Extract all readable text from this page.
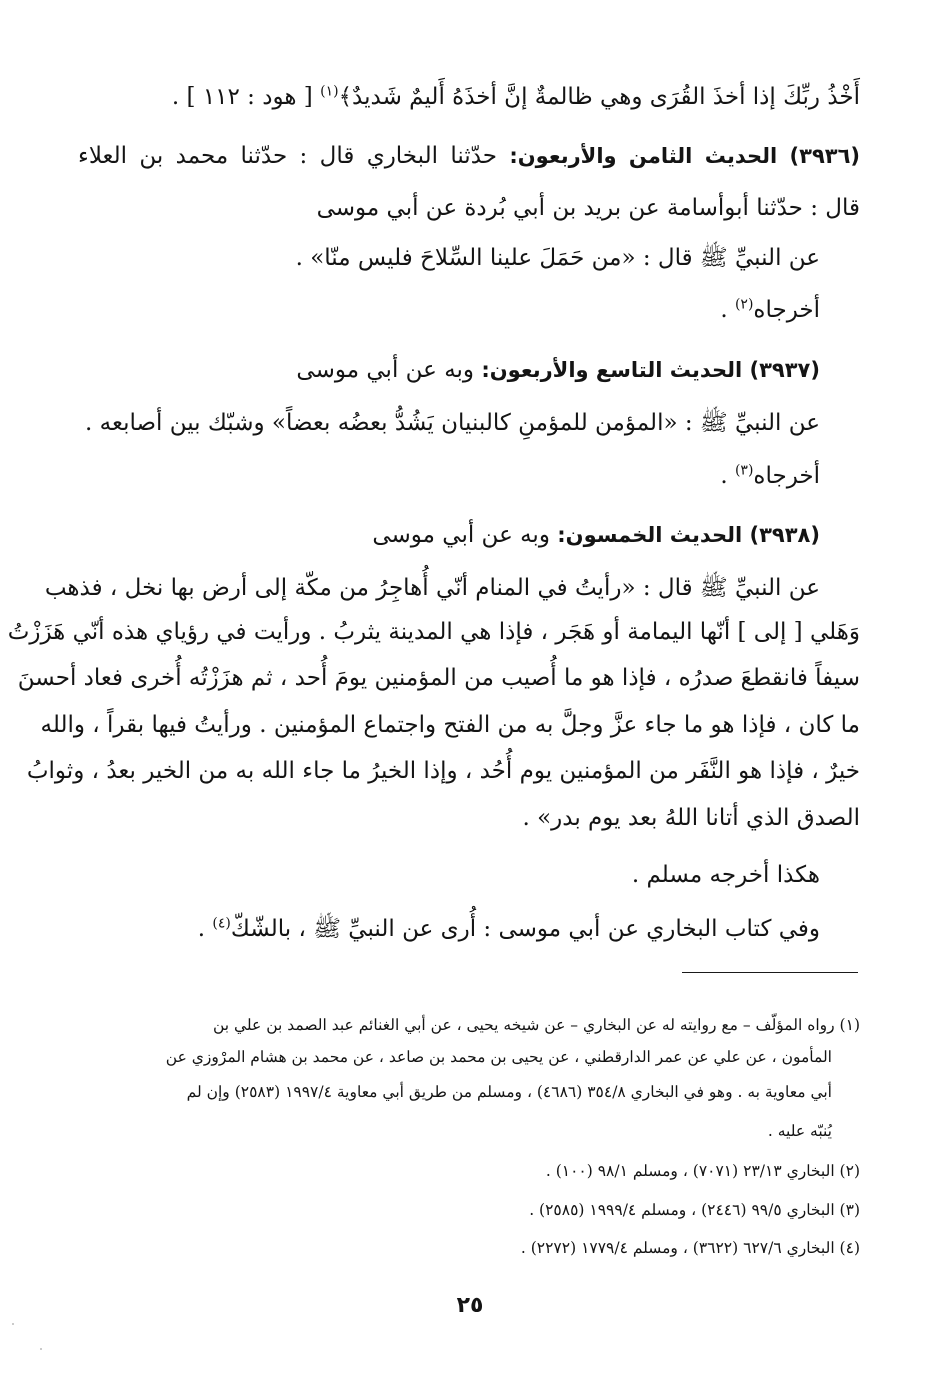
أَخْذُ ربِّكَ إذا أخذَ القُرَى وهي ظالمةٌ إنَّ أخذَهُ أَليمٌ شَديدٌ﴾$^{(١)}$ [ هود : ١١٢ ] .
(٣٩٣٦) الحديث الثامن والأربعون: حدّثنا البخاري قال : حدّثنا محمد بن العلاء
قال : حدّثنا أبوأسامة عن بريد بن أبي بُردة عن أبي موسى
عن النبيِّ ﷺ قال : «من حَمَلَ علينا السِّلاحَ فليس منّا» .
أخرجاه$^{(٢)}$ .
(٣٩٣٧) الحديث التاسع والأربعون: وبه عن أبي موسى
عن النبيِّ ﷺ : «المؤمن للمؤمنِ كالبنيان يَشُدُّ بعضُه بعضاً» وشبّك بين أصابعه .
أخرجاه$^{(٣)}$ .
(٣٩٣٨) الحديث الخمسون: وبه عن أبي موسى
عن النبيِّ ﷺ قال : «رأيتُ في المنام أنّي أُهاجِرُ من مكّة إلى أرض بها نخل ، فذهب
وَهَلي [ إلى ] أنّها اليمامة أو هَجَر ، فإذا هي المدينة يثربُ . ورأيت في رؤياي هذه أنّي هَزَزْتُ
سيفاً فانقطعَ صدرُه ، فإذا هو ما أُصيب من المؤمنين يومَ أُحد ، ثم هزَزْتُه أُخرى فعاد أحسنَ
ما كان ، فإذا هو ما جاء عزَّ وجلَّ به من الفتح واجتماع المؤمنين . ورأيتُ فيها بقراً ، والله
خيرٌ ، فإذا هو النَّفَر من المؤمنين يوم أُحُد ، وإذا الخيرُ ما جاء الله به من الخير بعدُ ، وثوابُ
الصدق الذي أتانا اللهُ بعد يوم بدر» .
هكذا أخرجه مسلم .
وفي كتاب البخاري عن أبي موسى : أُرى عن النبيِّ ﷺ ، بالشّكّ$^{(٤)}$ .
(١) رواه المؤلّف – مع روايته له عن البخاري – عن شيخه يحيى ، عن أبي الغنائم عبد الصمد بن علي بن
المأمون ، عن علي عن عمر الدارقطني ، عن يحيى بن محمد بن صاعد ، عن محمد بن هشام المرْوزي عن
أبي معاوية به . وهو في البخاري ٣٥٤/٨ (٤٦٨٦) ، ومسلم من طريق أبي معاوية ١٩٩٧/٤ (٢٥٨٣) وإن لم
يُنبّه عليه .
(٢) البخاري ٢٣/١٣ (٧٠٧١) ، ومسلم ٩٨/١ (١٠٠) .
(٣) البخاري ٩٩/٥ (٢٤٤٦) ، ومسلم ١٩٩٩/٤ (٢٥٨٥) .
(٤) البخاري ٦٢٧/٦ (٣٦٢٢) ، ومسلم ١٧٧٩/٤ (٢٢٧٢) .
٢٥
